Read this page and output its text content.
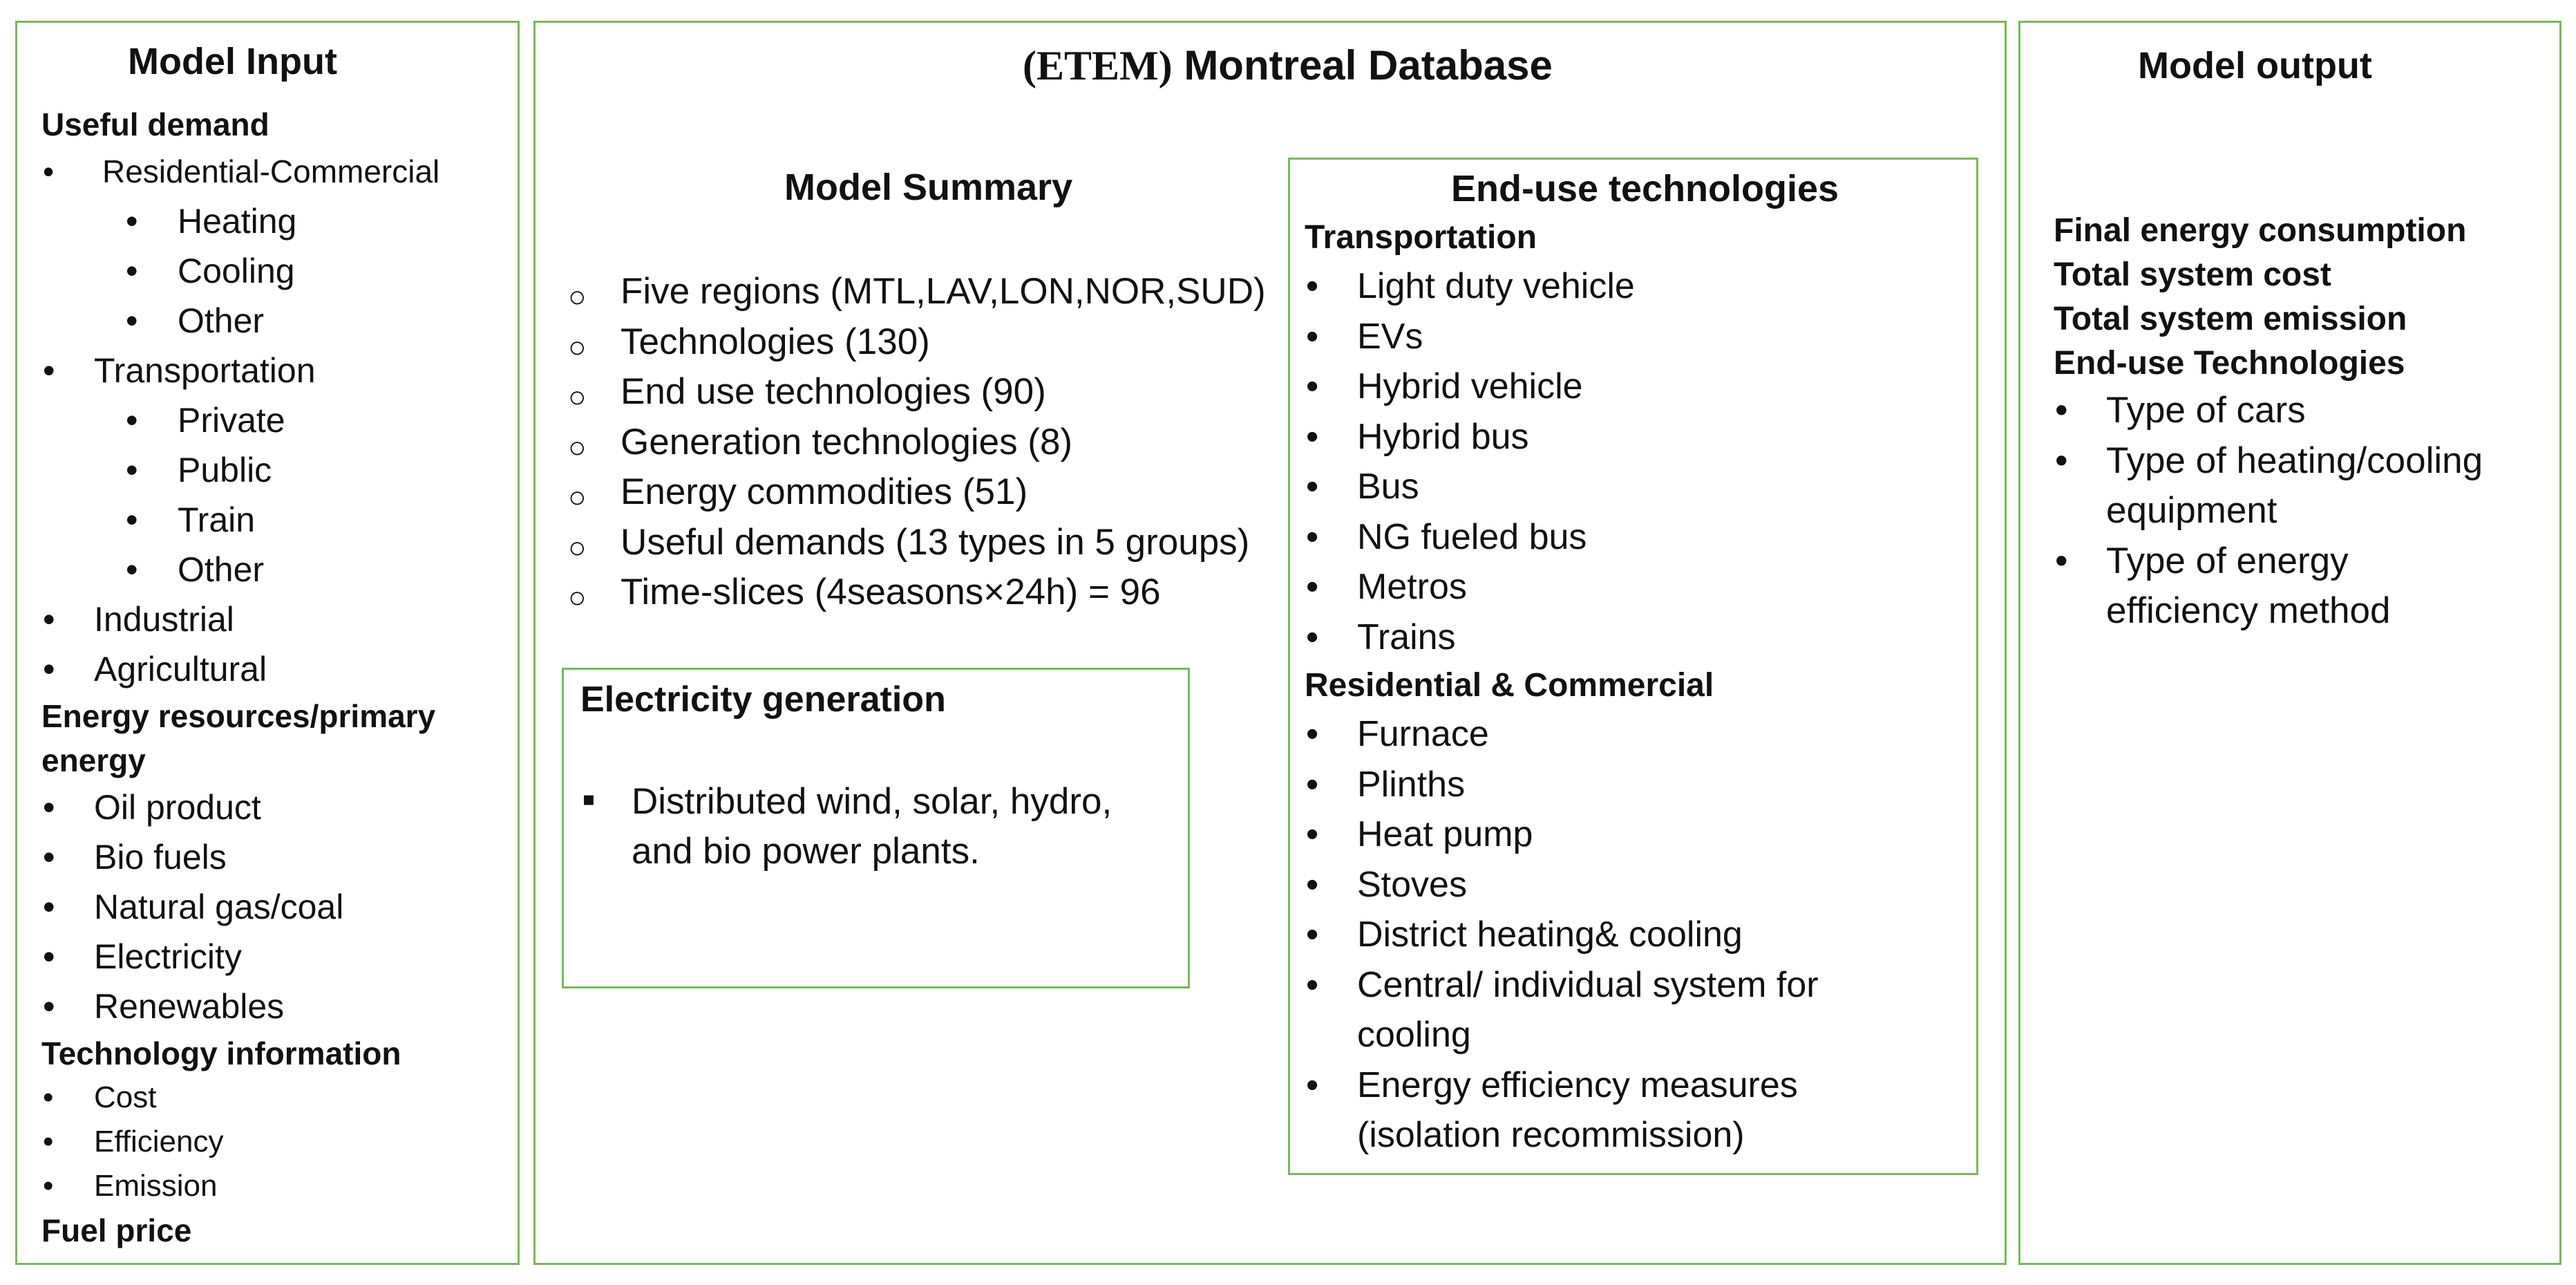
Model Input
Useful demand
• Residential-Commercial
• Heating
• Cooling
• Other
• Transportation
• Private
• Public
• Train
• Other
• Industrial
• Agricultural
Energy resources/primary energy
• Oil product
• Bio fuels
• Natural gas/coal
• Electricity
• Renewables
Technology information
• Cost
• Efficiency
• Emission
Fuel price
(ETEM) Montreal Database
Model Summary
○ Five regions (MTL,LAV,LON,NOR,SUD)
○ Technologies (130)
○ End use technologies (90)
○ Generation technologies (8)
○ Energy commodities (51)
○ Useful demands (13 types in 5 groups)
○ Time-slices (4seasons×24h) = 96
Electricity generation
▪ Distributed wind, solar, hydro, and bio power plants.
End-use technologies
Transportation
• Light duty vehicle
• EVs
• Hybrid vehicle
• Hybrid bus
• Bus
• NG fueled bus
• Metros
• Trains
Residential & Commercial
• Furnace
• Plinths
• Heat pump
• Stoves
• District heating& cooling
• Central/ individual system for cooling
• Energy efficiency measures (isolation recommission)
Model output
Final energy consumption
Total system cost
Total system emission
End-use Technologies
• Type of cars
• Type of heating/cooling equipment
• Type of energy efficiency method
